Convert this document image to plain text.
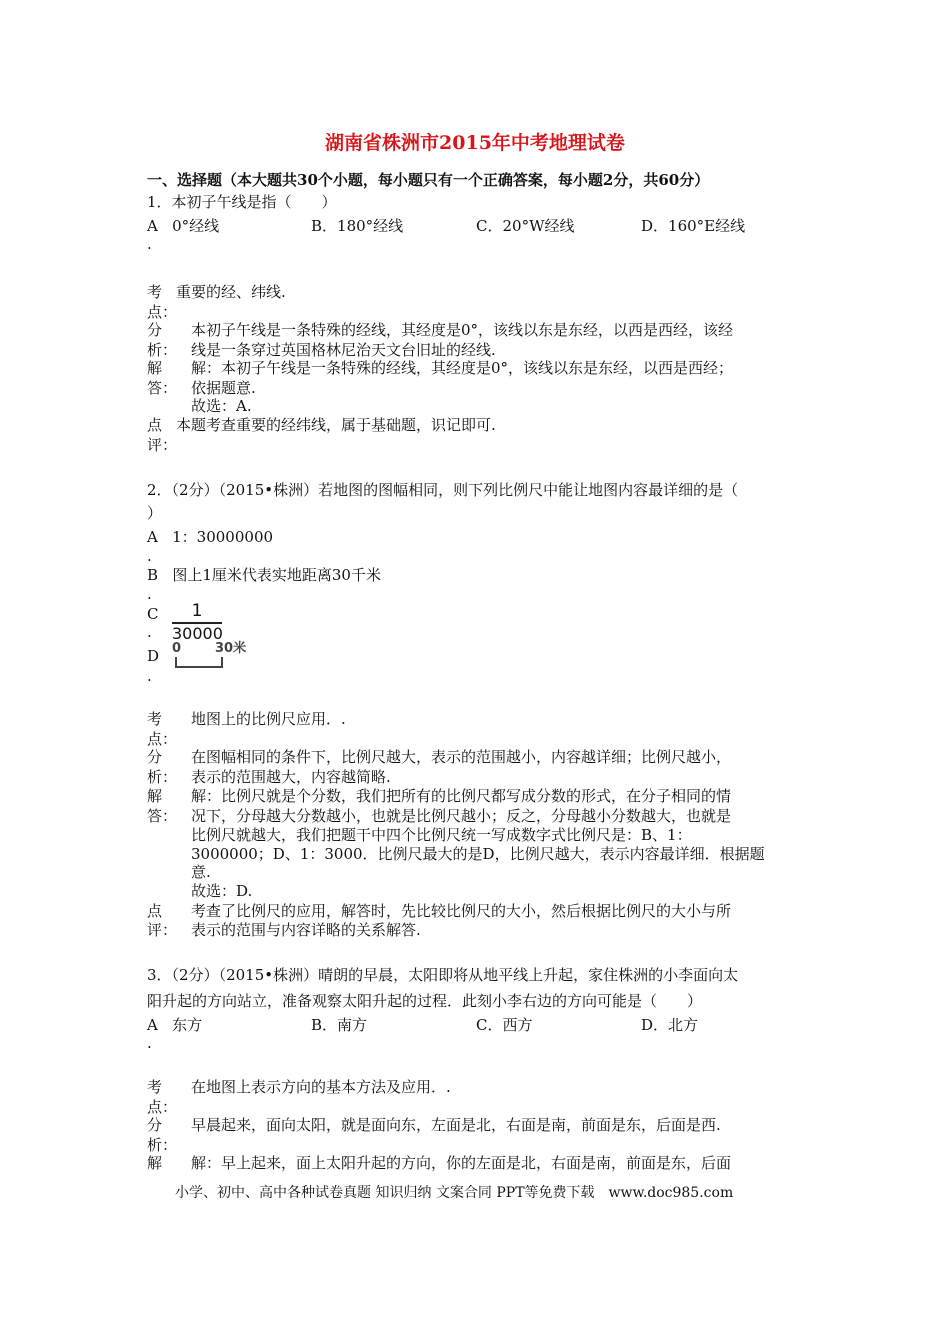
湖南省株洲市2015年中考地理试卷
一、选择题（本大题共30个小题，每小题只有一个正确答案，每小题2分，共60分）
1．本初子午线是指（　　）
A   0°经线	B．180°经线	C．20°W经线	D．160°E经线
.
考
点：
重要的经、纬线.
分
析：
本初子午线是一条特殊的经线，其经度是0°，该线以东是东经，以西是西经，该经
线是一条穿过英国格林尼治天文台旧址的经线.
解
答：
解：本初子午线是一条特殊的经线，其经度是0°，该线以东是东经，以西是西经；
依据题意.
故选：A.
点
评：
本题考查重要的经纬线，属于基础题，识记即可.
2．（2分）（2015•株洲）若地图的图幅相同，则下列比例尺中能让地图内容最详细的是（
）
A   1：30000000
.
B   图上1厘米代表实地距离30千米
.
C $\frac{1}{30000}$
.
D 0	30米
.
考
点：
地图上的比例尺应用．.
分
析：
在图幅相同的条件下，比例尺越大，表示的范围越小，内容越详细；比例尺越小，
表示的范围越大，内容越简略.
解
答：
解：比例尺就是个分数，我们把所有的比例尺都写成分数的形式，在分子相同的情
况下，分母越大分数越小，也就是比例尺越小；反之，分母越小分数越大，也就是
比例尺就越大，我们把题干中四个比例尺统一写成数字式比例尺是：B、1：
3000000；D、1：3000．比例尺最大的是D，比例尺越大，表示内容最详细．根据题
意.
故选：D.
点
评：
考查了比例尺的应用，解答时，先比较比例尺的大小，然后根据比例尺的大小与所
表示的范围与内容详略的关系解答.
3．（2分）（2015•株洲）晴朗的早晨，太阳即将从地平线上升起，家住株洲的小李面向太
阳升起的方向站立，准备观察太阳升起的过程．此刻小李右边的方向可能是（　　）
A   东方	B．南方	C．西方	D．北方
.
考
点：
在地图上表示方向的基本方法及应用．.
分
析：
早晨起来，面向太阳，就是面向东，左面是北，右面是南，前面是东，后面是西.
解 解：早上起来，面上太阳升起的方向，你的左面是北，右面是南，前面是东，后面
小学、初中、高中各种试卷真题 知识归纳 文案合同 PPT等免费下载　www.doc985.com
